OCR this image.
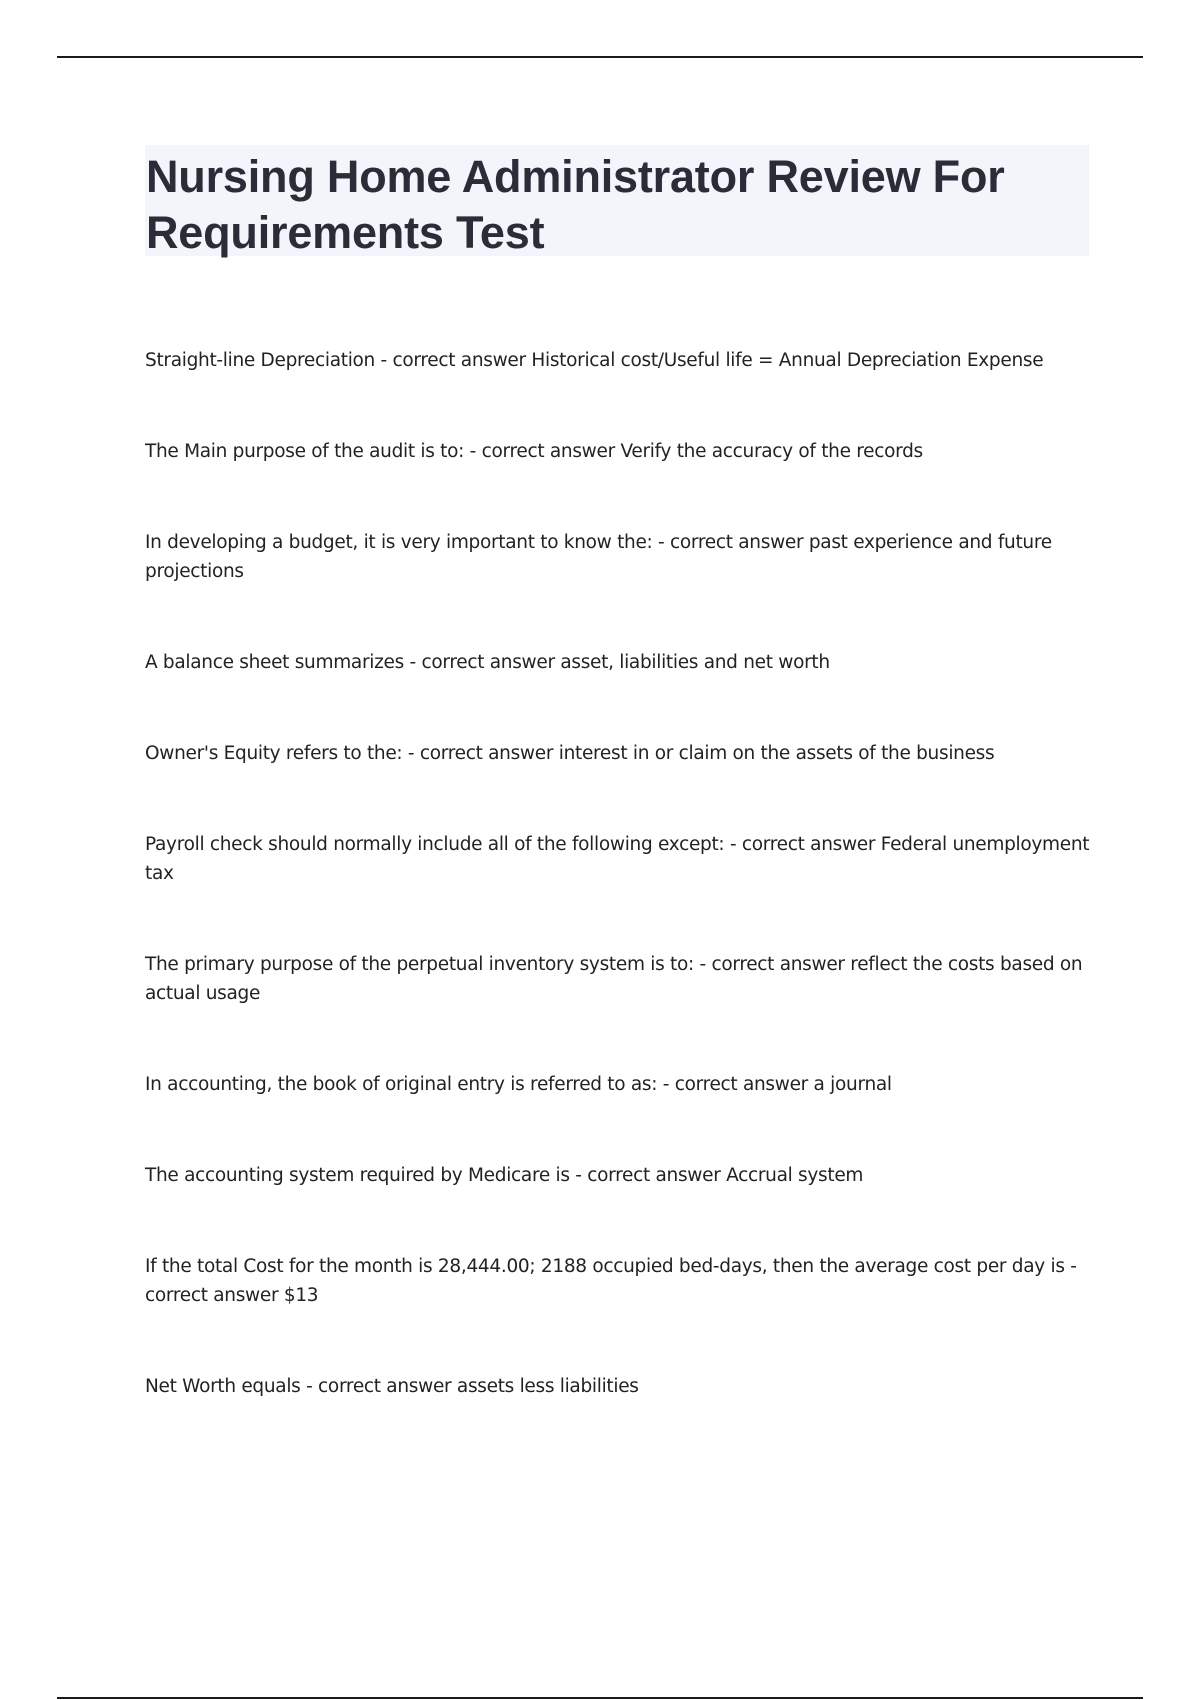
Nursing Home Administrator Review For Requirements Test

Straight-line Depreciation - correct answer Historical cost/Useful life = Annual Depreciation Expense

The Main purpose of the audit is to: - correct answer Verify the accuracy of the records

In developing a budget, it is very important to know the: - correct answer past experience and future projections

A balance sheet summarizes - correct answer asset, liabilities and net worth

Owner's Equity refers to the: - correct answer interest in or claim on the assets of the business

Payroll check should normally include all of the following except: - correct answer Federal unemployment tax

The primary purpose of the perpetual inventory system is to: - correct answer reflect the costs based on actual usage

In accounting, the book of original entry is referred to as: - correct answer a journal

The accounting system required by Medicare is - correct answer Accrual system

If the total Cost for the month is 28,444.00; 2188 occupied bed-days, then the average cost per day is - correct answer $13

Net Worth equals - correct answer assets less liabilities
